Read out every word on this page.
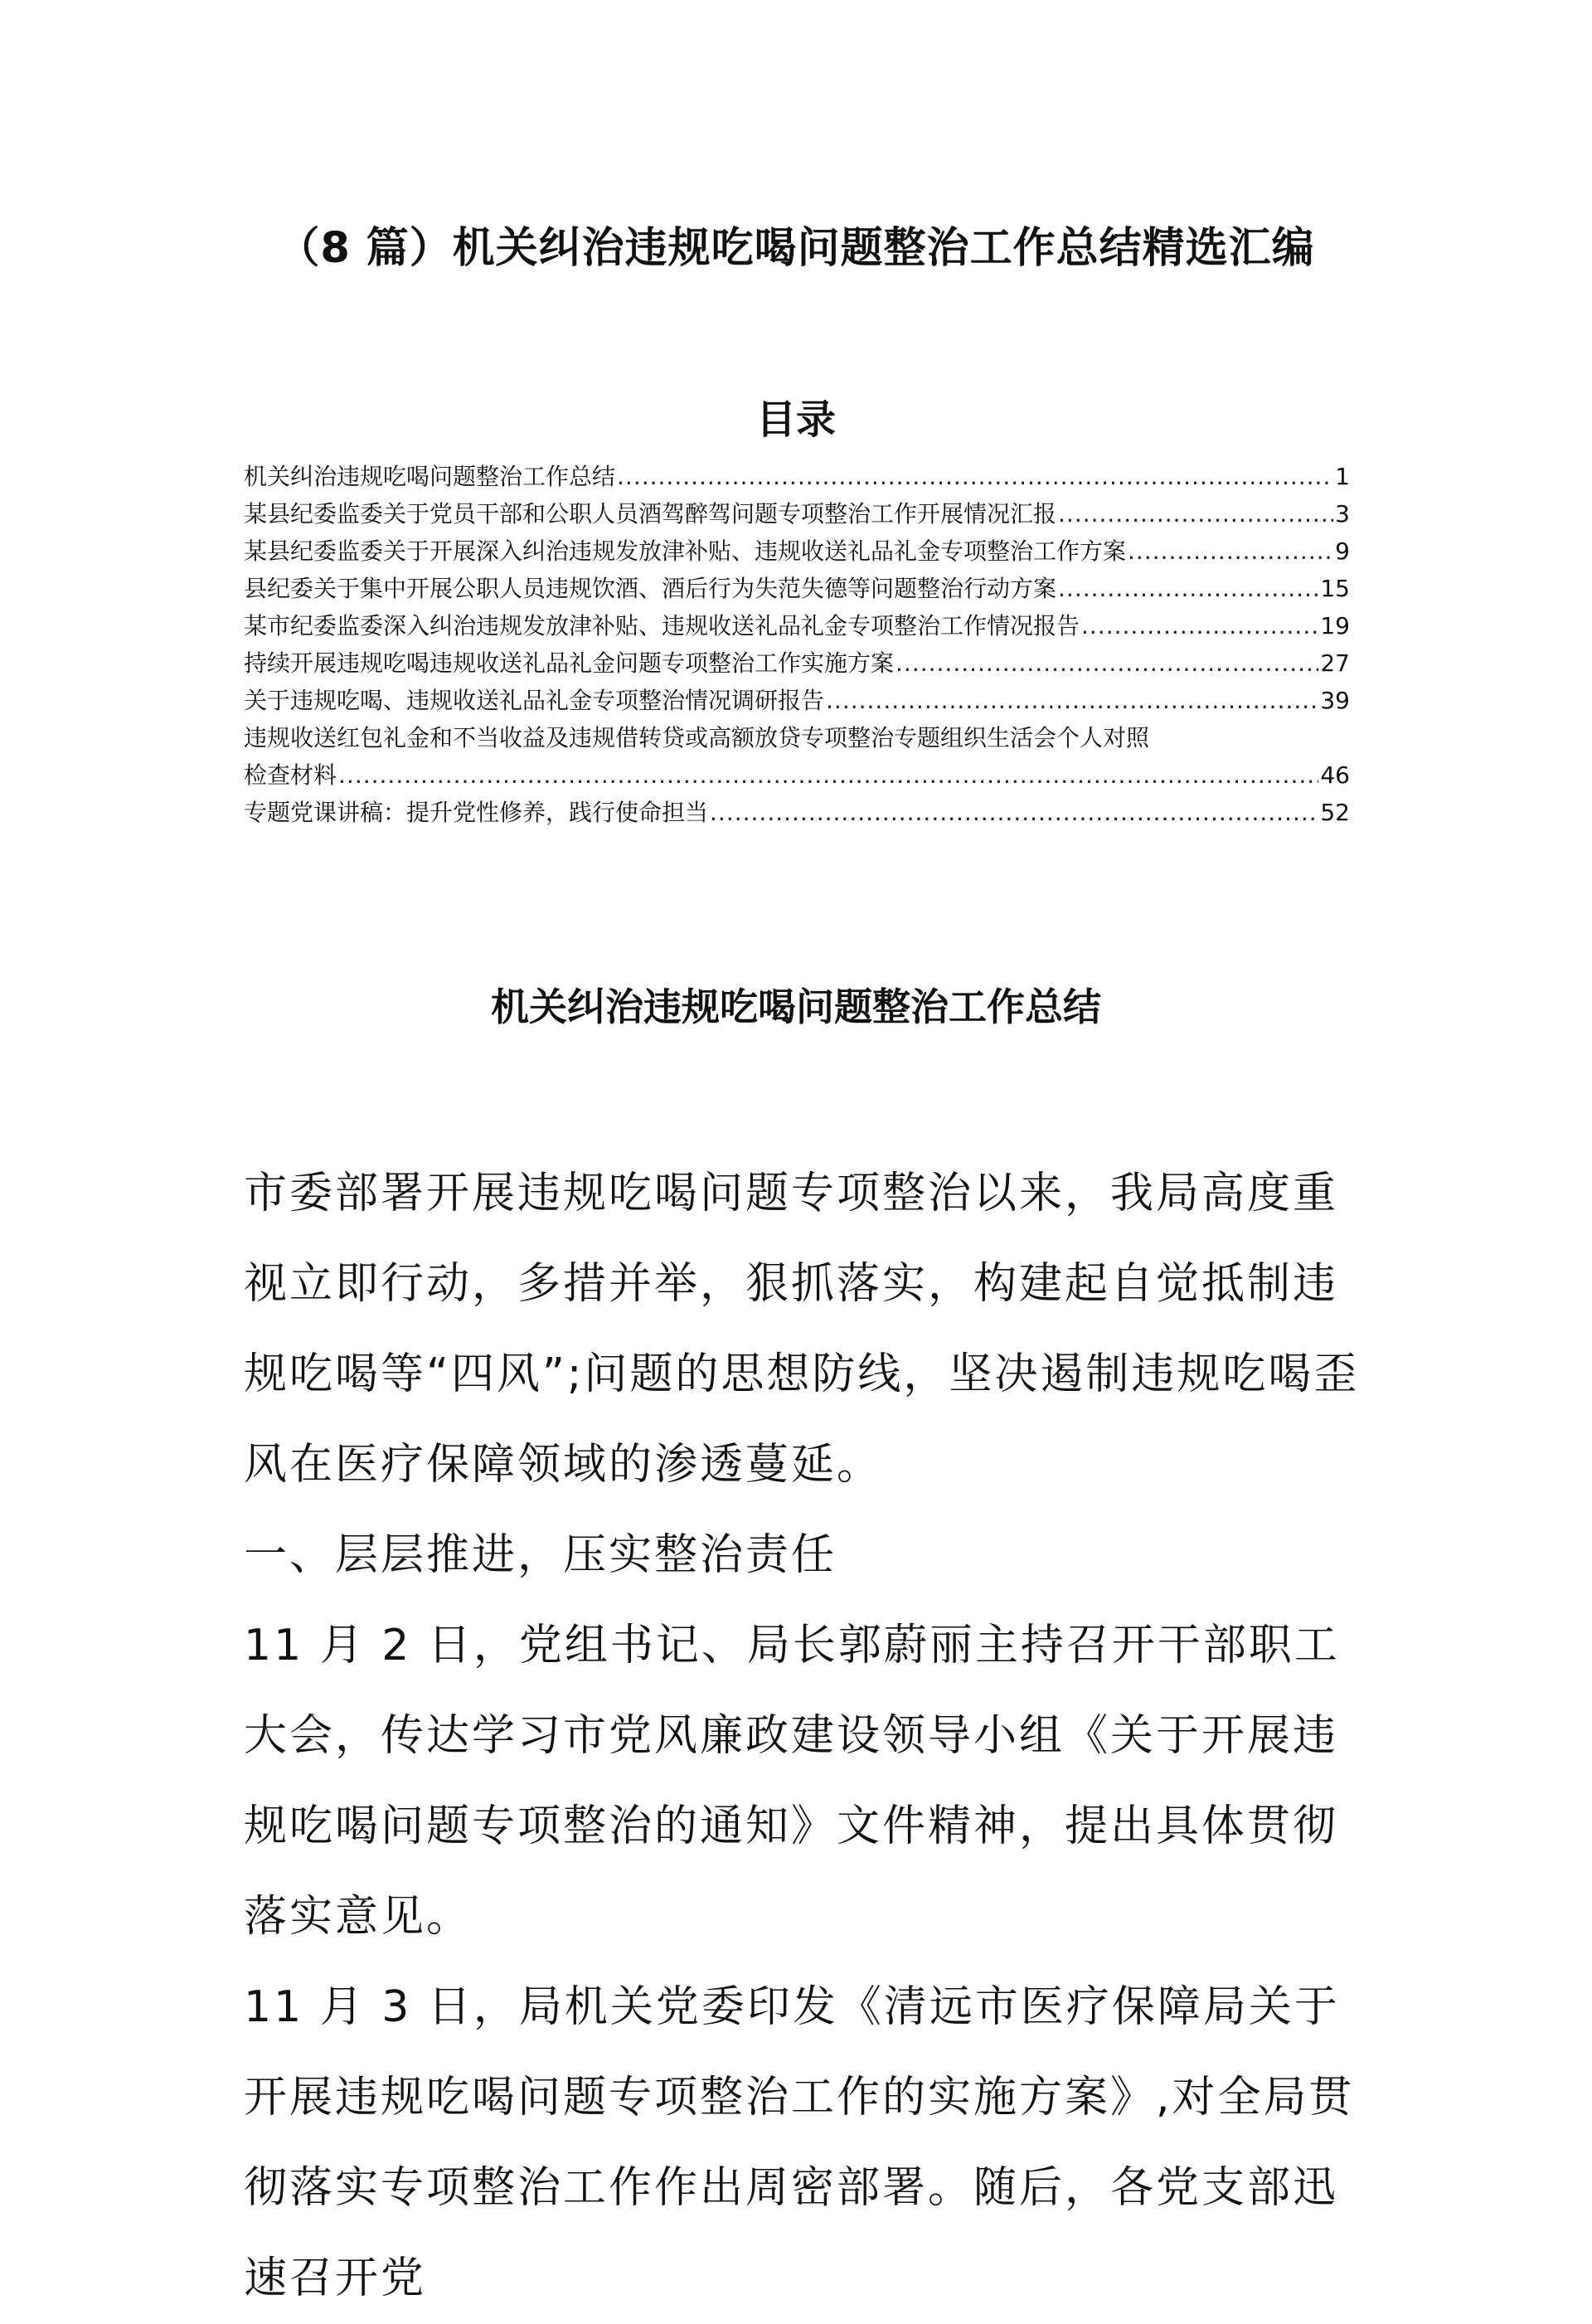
（8 篇）机关纠治违规吃喝问题整治工作总结精选汇编
目录
机关纠治违规吃喝问题整治工作总结 .....	1
某县纪委监委关于党员干部和公职人员酒驾醉驾问题专项整治工作开展情况汇报 .....	3
某县纪委监委关于开展深入纠治违规发放津补贴、违规收送礼品礼金专项整治工作方案 .....	9
县纪委关于集中开展公职人员违规饮酒、酒后行为失范失德等问题整治行动方案 .....	15
某市纪委监委深入纠治违规发放津补贴、违规收送礼品礼金专项整治工作情况报告 .....	19
持续开展违规吃喝违规收送礼品礼金问题专项整治工作实施方案 .....	27
关于违规吃喝、违规收送礼品礼金专项整治情况调研报告 .....	39
违规收送红包礼金和不当收益及违规借转贷或高额放贷专项整治专题组织生活会个人对照
检查材料 .....	46
专题党课讲稿：提升党性修养，践行使命担当 .....	52
机关纠治违规吃喝问题整治工作总结

市委部署开展违规吃喝问题专项整治以来，我局高度重视立即行动，多措并举，狠抓落实，构建起自觉抵制违规吃喝等“四风”;问题的思想防线，坚决遏制违规吃喝歪风在医疗保障领域的渗透蔓延。

一、层层推进，压实整治责任

11 月 2 日，党组书记、局长郭蔚丽主持召开干部职工大会，传达学习市党风廉政建设领导小组《关于开展违规吃喝问题专项整治的通知》文件精神，提出具体贯彻落实意见。

11 月 3 日，局机关党委印发《清远市医疗保障局关于开展违规吃喝问题专项整治工作的实施方案》,对全局贯彻落实专项整治工作作出周密部署。随后，各党支部迅速召开党
